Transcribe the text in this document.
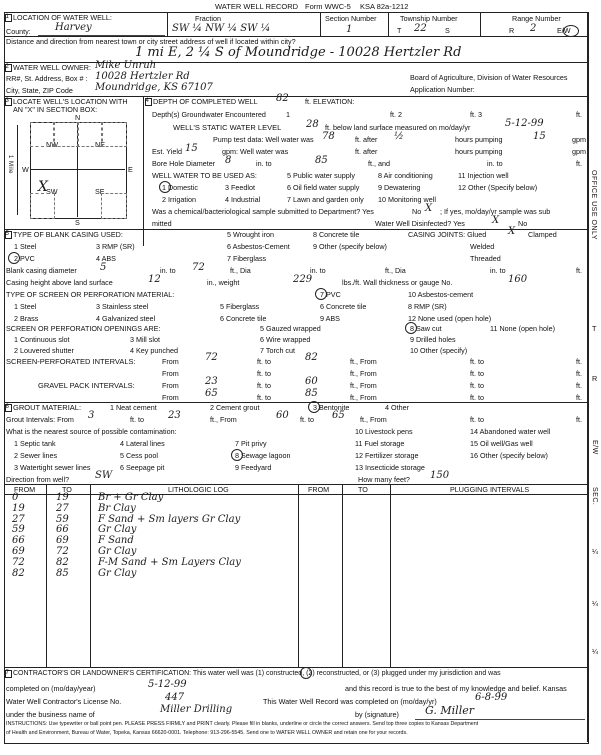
WATER WELL RECORD Form WWC-5 KSA 82a-1212
1 LOCATION OF WATER WELL:
County: Harvey
Fraction
SW ¼ NW ¼ SW ¼
Section Number
1
Township Number
T 22	S
Range Number
R 2	E/W
Distance and direction from nearest town or city street address of well if located within city?
1 mi E, 2 ¼ S of Moundridge - 10028 Hertzler Rd
2 WATER WELL OWNER: Mike Unruh
RR#, St. Address, Box # : 10028 Hertzler Rd
City, State, ZIP Code Moundridge, KS 67107
Board of Agriculture, Division of Water Resources
Application Number:
3 LOCATE WELL'S LOCATION WITH
AN "X" IN SECTION BOX:
N
S
W	E
NW	NE
SW	SE
X
1 Mile
4 DEPTH OF COMPLETED WELL 82 ft. ELEVATION:
Depth(s) Groundwater Encountered	1	ft. 2	ft. 3	ft.
WELL'S STATIC WATER LEVEL 28 ft. below land surface measured on mo/day/yr	5-12-99
Pump test data: Well water was 78	ft. after ½	hours pumping	15	gpm
Est. Yield 15	gpm: Well water was	ft. after	hours pumping	gpm
Bore Hole Diameter 8	in. to	85	ft., and	in. to	ft.
WELL WATER TO BE USED AS:	5 Public water supply	8 Air conditioning	11 Injection well
1 Domestic	3 Feedlot	6 Oil field water supply	9 Dewatering	12 Other (Specify below)
2 Irrigation	4 Industrial	7 Lawn and garden only 10 Monitoring well
Was a chemical/bacteriological sample submitted to Department? Yes	No X ; If yes, mo/day/yr sample was sub
mitted	Water Well Disinfected? Yes	X	No
5 TYPE OF BLANK CASING USED:	5 Wrought iron	8 Concrete tile	CASING JOINTS: Glued X Clamped
1 Steel	3 RMP (SR)	6 Asbestos-Cement	9 Other (specify below)	Welded
2 PVC	4 ABS	7 Fiberglass	Threaded
Blank casing diameter 5	in. to 72	ft., Dia	in. to	ft., Dia	in. to	ft.
Casing height above land surface	12	in., weight	229	lbs./ft. Wall thickness or gauge No.	160
TYPE OF SCREEN OR PERFORATION MATERIAL:	7 PVC	10 Asbestos-cement
1 Steel	3 Stainless steel	5 Fiberglass	6 Concrete tile	8 RMP (SR)
2 Brass	4 Galvanized steel	6 Concrete tile	9 ABS	12 None used (open hole)
SCREEN OR PERFORATION OPENINGS ARE:	5 Gauzed wrapped	8 Saw cut	11 None (open hole)
1 Continuous slot	3 Mill slot	6 Wire wrapped	9 Drilled holes
2 Louvered shutter	4 Key punched	7 Torch cut	10 Other (specify)
SCREEN-PERFORATED INTERVALS:	From	72	ft. to	82	ft., From	ft. to	ft.
From	ft. to	ft., From	ft. to	ft.
GRAVEL PACK INTERVALS:	From	23	ft. to	60	ft., From	ft. to	ft.
From	65	ft. to	85	ft., From	ft. to	ft.
6 GROUT MATERIAL:	1 Neat cement	2 Cement grout	3 Bentonite	4 Other
Grout Intervals: From 3	ft. to 23	ft., From	60 ft. to 65 ft., From	ft. to	ft.
What is the nearest source of possible contamination:	10 Livestock pens	14 Abandoned water well
1 Septic tank	4 Lateral lines	7 Pit privy	11 Fuel storage	15 Oil well/Gas well
2 Sewer lines	5 Cess pool	8 Sewage lagoon	12 Fertilizer storage	16 Other (specify below)
3 Watertight sewer lines	6 Seepage pit	9 Feedyard	13 Insecticide storage
Direction from well?	SW	How many feet? 150
FROM	TO	LITHOLOGIC LOG	FROM	TO	PLUGGING INTERVALS
0	19	Br + Gr Clay
19	27	Br Clay
27	59	F Sand + Sm layers Gr Clay
59	66	Gr Clay
66	69	F Sand
69	72	Gr Clay
72	82	F-M Sand + Sm Layers Clay
82	85	Gr Clay
7 CONTRACTOR'S OR LANDOWNER'S CERTIFICATION: This water well was (1) constructed, (2) reconstructed, or (3) plugged under my jurisdiction and was
completed on (mo/day/year)	5-12-99	and this record is true to the best of my knowledge and belief. Kansas
Water Well Contractor's License No.	447	This Water Well Record was completed on (mo/day/yr)	6-8-99
under the business name of	Miller Drilling	by (signature) G. Miller
INSTRUCTIONS: Use typewriter or ball point pen. PLEASE PRESS FIRMLY and PRINT clearly. Please fill in blanks, underline or circle the correct answers. Send top three copies to Kansas Department
of Health and Environment, Bureau of Water, Topeka, Kansas 66620-0001. Telephone: 913-296-5545. Send one to WATER WELL OWNER and retain one for your records.
OFFICE USE ONLY
T
R
E/W
SEC.
¼
¼
¼
